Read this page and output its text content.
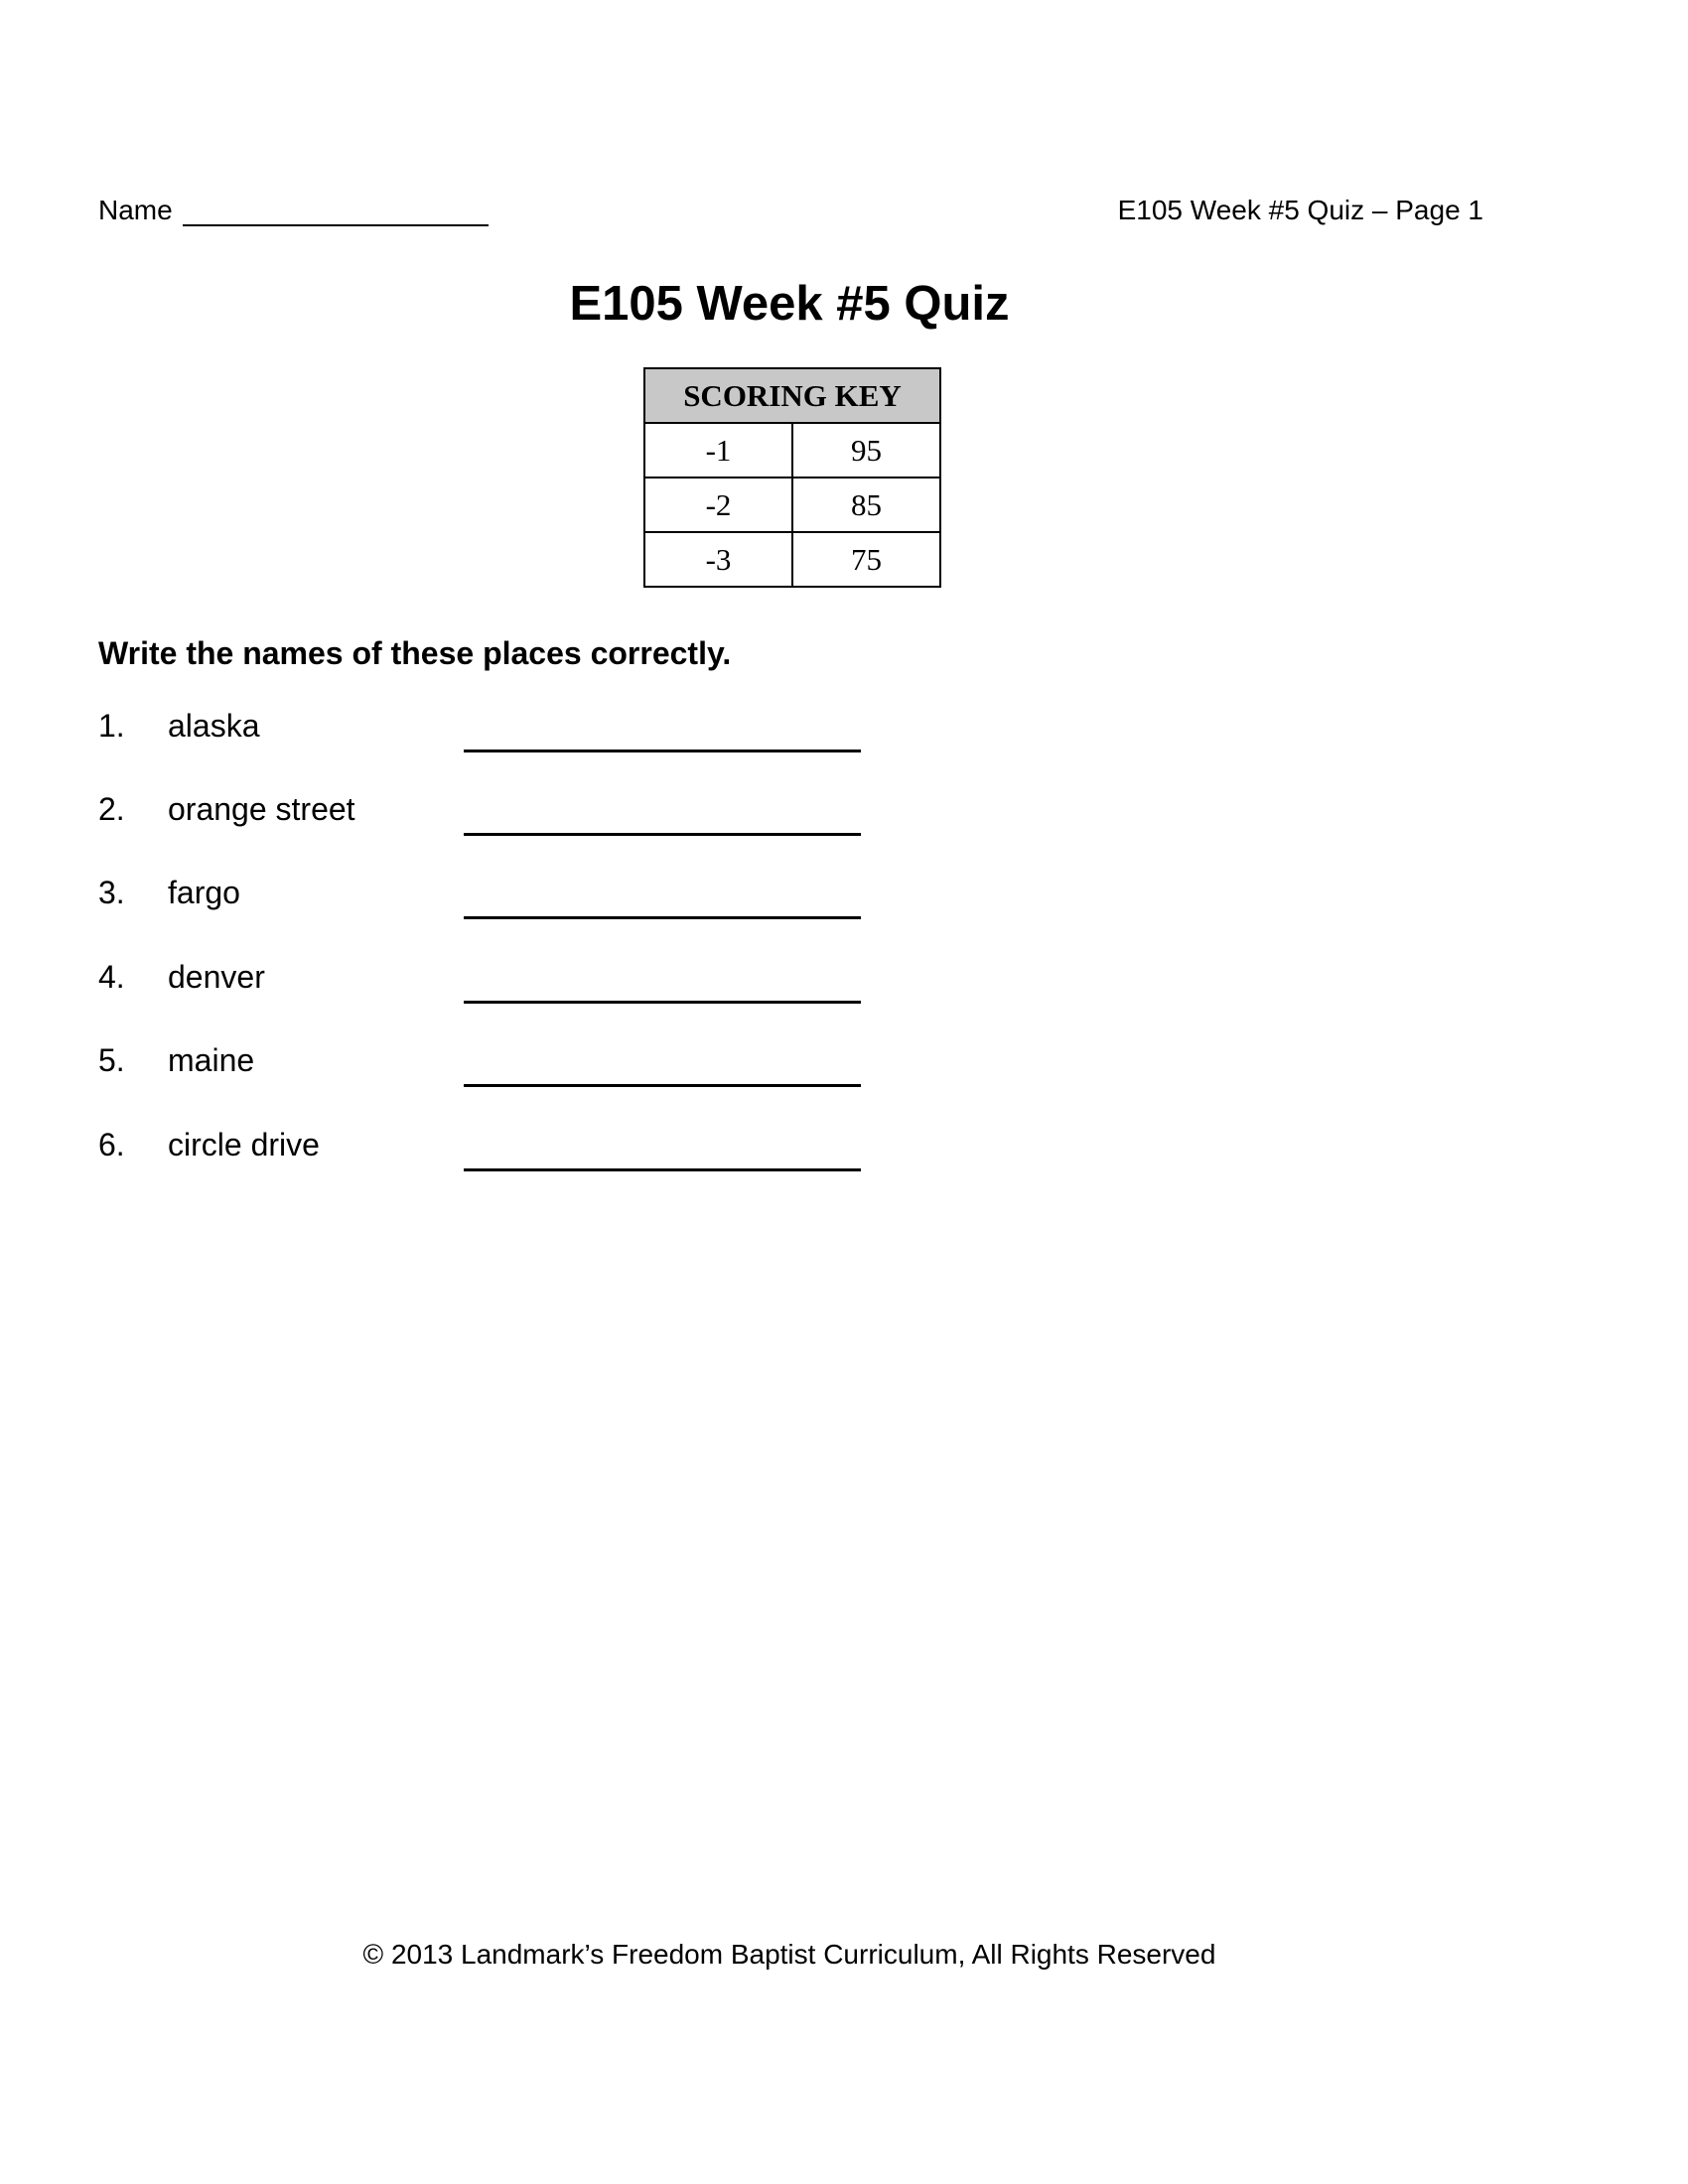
Name	E105 Week #5 Quiz – Page 1
E105 Week #5 Quiz
SCORING KEY	
-1	95
-2	85
-3	75
Write the names of these places correctly.
1. alaska
2. orange street
3. fargo
4. denver
5. maine
6. circle drive
© 2013 Landmark’s Freedom Baptist Curriculum, All Rights Reserved
